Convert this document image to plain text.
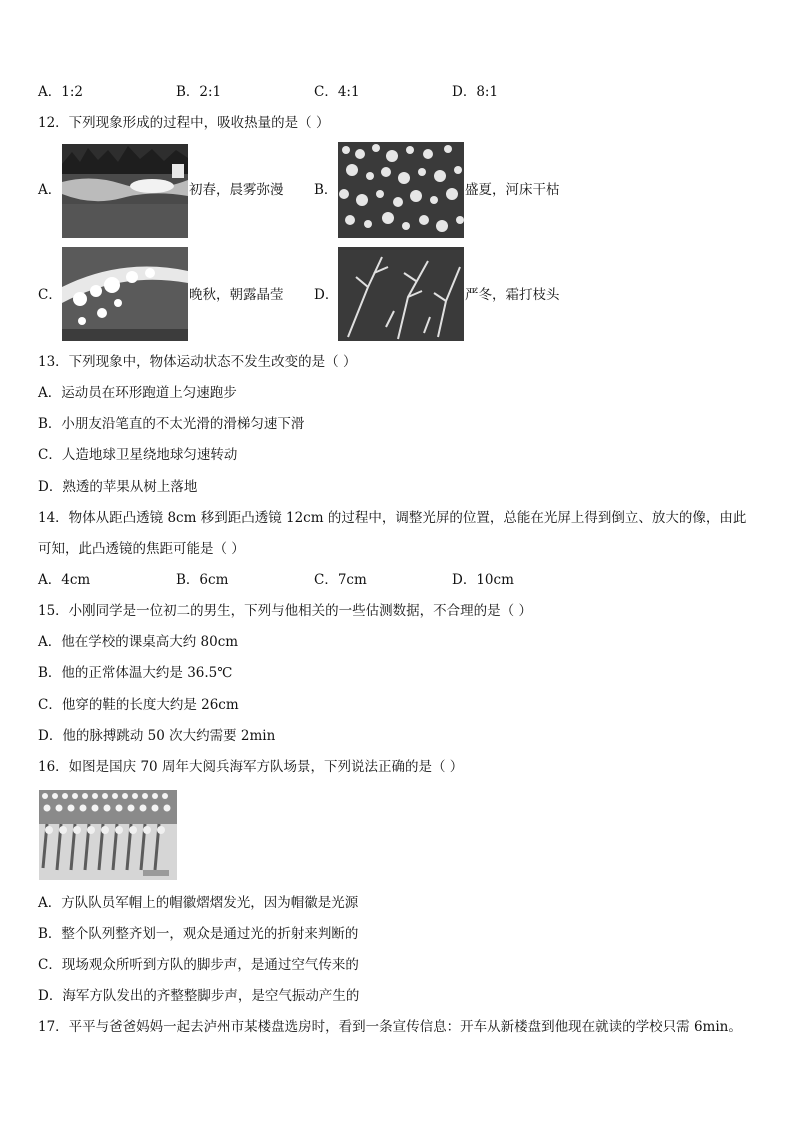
A．1:2	B．2:1	C．4:1	D．8:1
12．下列现象形成的过程中，吸收热量的是（ ）
A．	初春，晨雾弥漫 B．	盛夏，河床干枯
C．	晚秋，朝露晶莹 D．	严冬，霜打枝头
13．下列现象中，物体运动状态不发生改变的是（ ）
A．运动员在环形跑道上匀速跑步
B．小朋友沿笔直的不太光滑的滑梯匀速下滑
C．人造地球卫星绕地球匀速转动
D．熟透的苹果从树上落地
14．物体从距凸透镜 8cm 移到距凸透镜 12cm 的过程中，调整光屏的位置，总能在光屏上得到倒立、放大的像，由此
可知，此凸透镜的焦距可能是（ ）
A．4cm	B．6cm	C．7cm	D．10cm
15．小刚同学是一位初二的男生，下列与他相关的一些估测数据，不合理的是（ ）
A．他在学校的课桌高大约 80cm
B．他的正常体温大约是 36.5℃
C．他穿的鞋的长度大约是 26cm
D．他的脉搏跳动 50 次大约需要 2min
16．如图是国庆 70 周年大阅兵海军方队场景，下列说法正确的是（ ）
A．方队队员军帽上的帽徽熠熠发光，因为帽徽是光源
B．整个队列整齐划一，观众是通过光的折射来判断的
C．现场观众所听到方队的脚步声，是通过空气传来的
D．海军方队发出的齐整整脚步声，是空气振动产生的
17．平平与爸爸妈妈一起去泸州市某楼盘选房时，看到一条宣传信息：开车从新楼盘到他现在就读的学校只需 6min。
